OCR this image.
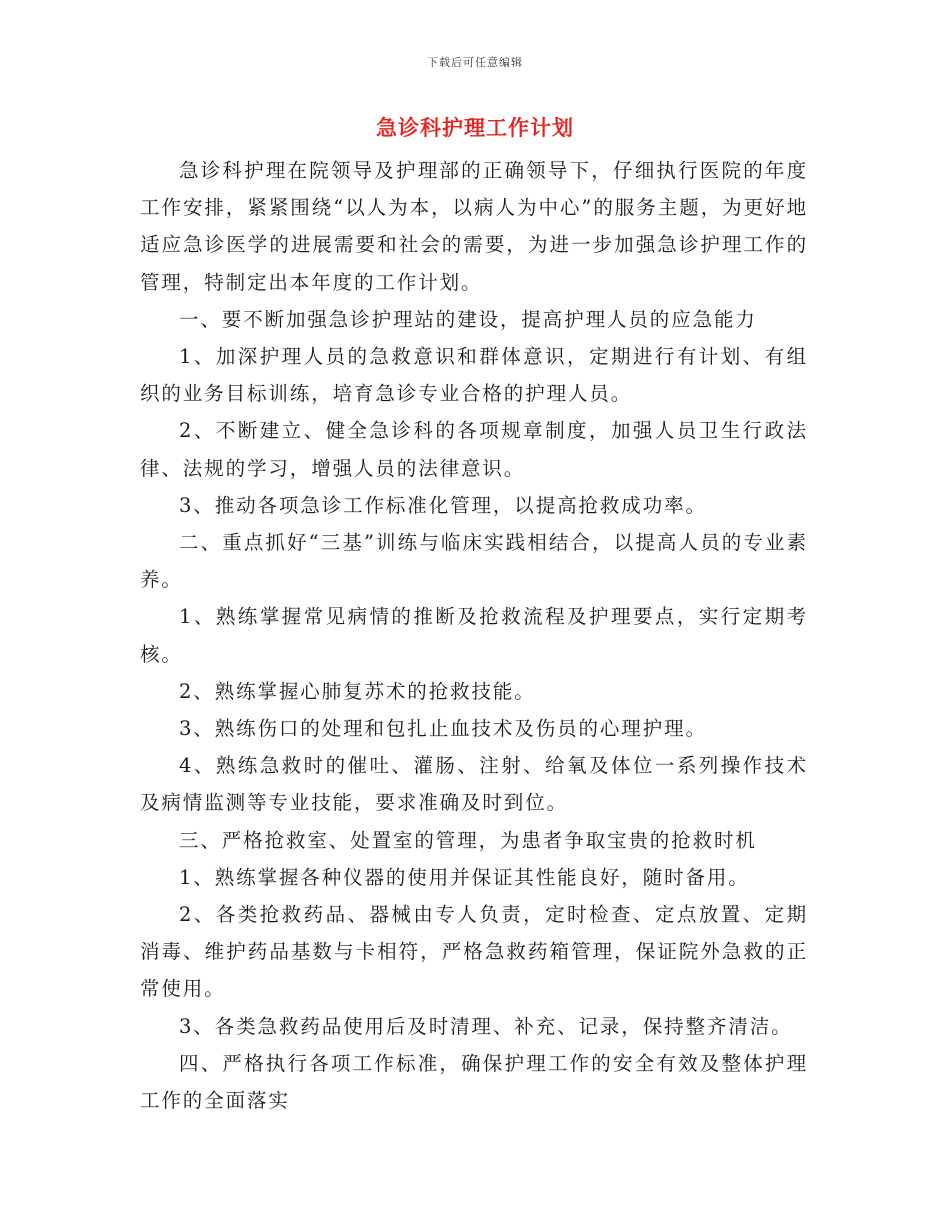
下载后可任意编辑
急诊科护理工作计划

急诊科护理在院领导及护理部的正确领导下，仔细执行医院的年度工作安排，紧紧围绕“以人为本，以病人为中心”的服务主题，为更好地适应急诊医学的进展需要和社会的需要，为进一步加强急诊护理工作的管理，特制定出本年度的工作计划。

一、要不断加强急诊护理站的建设，提高护理人员的应急能力

1、加深护理人员的急救意识和群体意识，定期进行有计划、有组织的业务目标训练，培育急诊专业合格的护理人员。

2、不断建立、健全急诊科的各项规章制度，加强人员卫生行政法律、法规的学习，增强人员的法律意识。

3、推动各项急诊工作标准化管理，以提高抢救成功率。

二、重点抓好“三基”训练与临床实践相结合，以提高人员的专业素养。

1、熟练掌握常见病情的推断及抢救流程及护理要点，实行定期考核。

2、熟练掌握心肺复苏术的抢救技能。

3、熟练伤口的处理和包扎止血技术及伤员的心理护理。

4、熟练急救时的催吐、灌肠、注射、给氧及体位一系列操作技术及病情监测等专业技能，要求准确及时到位。

三、严格抢救室、处置室的管理，为患者争取宝贵的抢救时机

1、熟练掌握各种仪器的使用并保证其性能良好，随时备用。

2、各类抢救药品、器械由专人负责，定时检查、定点放置、定期消毒、维护药品基数与卡相符，严格急救药箱管理，保证院外急救的正常使用。

3、各类急救药品使用后及时清理、补充、记录，保持整齐清洁。

四、严格执行各项工作标准，确保护理工作的安全有效及整体护理工作的全面落实
